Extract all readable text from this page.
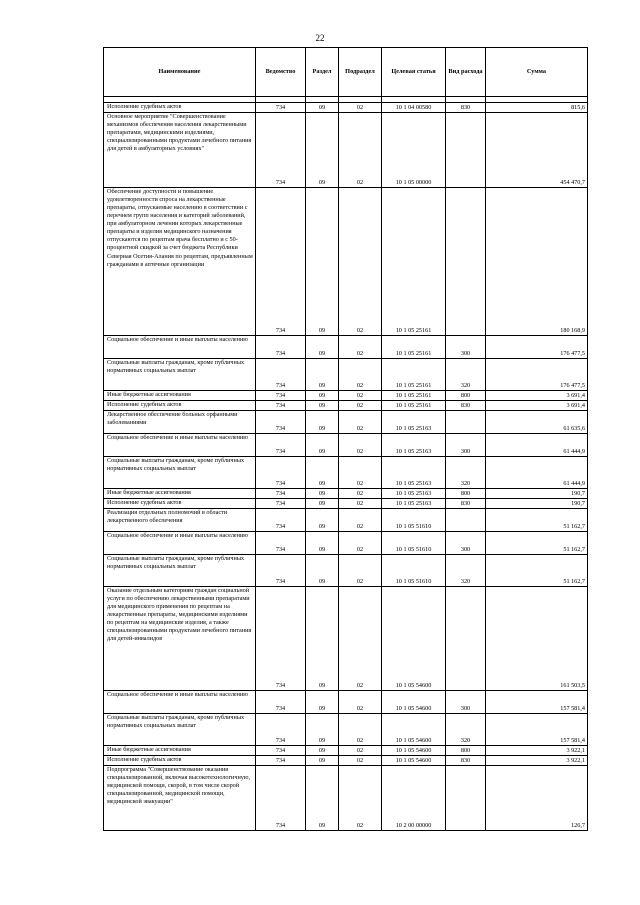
22
Наименование	Ведомство	Раздел	Подраздел	Целевая статья	Вид расхода	Сумма

Исполнение судебных актов	734	09	02	10 1 04 00580	830	815,6
Основное мероприятие "Совершенствование механизмов обеспечения населения лекарственными препаратами, медицинскими изделиями, специализированными продуктами лечебного питания для детей в амбулаторных условиях"	734	09	02	10 1 05 00000		454 470,7
Обеспечение доступности и повышение удовлетворенности спроса на лекарственные препараты, отпускаемые населению в соответствии с перечнем групп населения и категорий заболеваний, при амбулаторном лечении которых лекарственные препараты и изделия медицинского назначения отпускаются по рецептам врача бесплатно и с 50-процентной скидкой за счет бюджета Республики Северная Осетия-Алания по рецептам, предъявленным гражданами в аптечные организации	734	09	02	10 1 05 25161		180 168,9
Социальное обеспечение и иные выплаты населению	734	09	02	10 1 05 25161	300	176 477,5
Социальные выплаты гражданам, кроме публичных нормативных социальных выплат	734	09	02	10 1 05 25161	320	176 477,5
Иные бюджетные ассигнования	734	09	02	10 1 05 25161	800	3 691,4
Исполнение судебных актов	734	09	02	10 1 05 25161	830	3 691,4
Лекарственное обеспечение больных орфанными заболеваниями	734	09	02	10 1 05 25163		61 635,6
Социальное обеспечение и иные выплаты населению	734	09	02	10 1 05 25163	300	61 444,9
Социальные выплаты гражданам, кроме публичных нормативных социальных выплат	734	09	02	10 1 05 25163	320	61 444,9
Иные бюджетные ассигнования	734	09	02	10 1 05 25163	800	190,7
Исполнение судебных актов	734	09	02	10 1 05 25163	830	190,7
Реализация отдельных полномочий в области лекарственного обеспечения	734	09	02	10 1 05 51610		51 162,7
Социальное обеспечение и иные выплаты населению	734	09	02	10 1 05 51610	300	51 162,7
Социальные выплаты гражданам, кроме публичных нормативных социальных выплат	734	09	02	10 1 05 51610	320	51 162,7
Оказание отдельным категориям граждан социальной услуги по обеспечению лекарственными препаратами для медицинского применения по рецептам на лекарственные препараты, медицинскими изделиями по рецептам на медицинские изделия, а также специализированными продуктами лечебного питания для детей-инвалидов	734	09	02	10 1 05 54600		161 503,5
Социальное обеспечение и иные выплаты населению	734	09	02	10 1 05 54600	300	157 581,4
Социальные выплаты гражданам, кроме публичных нормативных социальных выплат	734	09	02	10 1 05 54600	320	157 581,4
Иные бюджетные ассигнования	734	09	02	10 1 05 54600	800	3 922,1
Исполнение судебных актов	734	09	02	10 1 05 54600	830	3 922,1
Подпрограмма "Совершенствование оказания специализированной, включая высокотехнологичную, медицинской помощи, скорой, в том числе скорой специализированной, медицинской помощи, медицинской эвакуации"	734	09	02	10 2 00 00000		126,7
